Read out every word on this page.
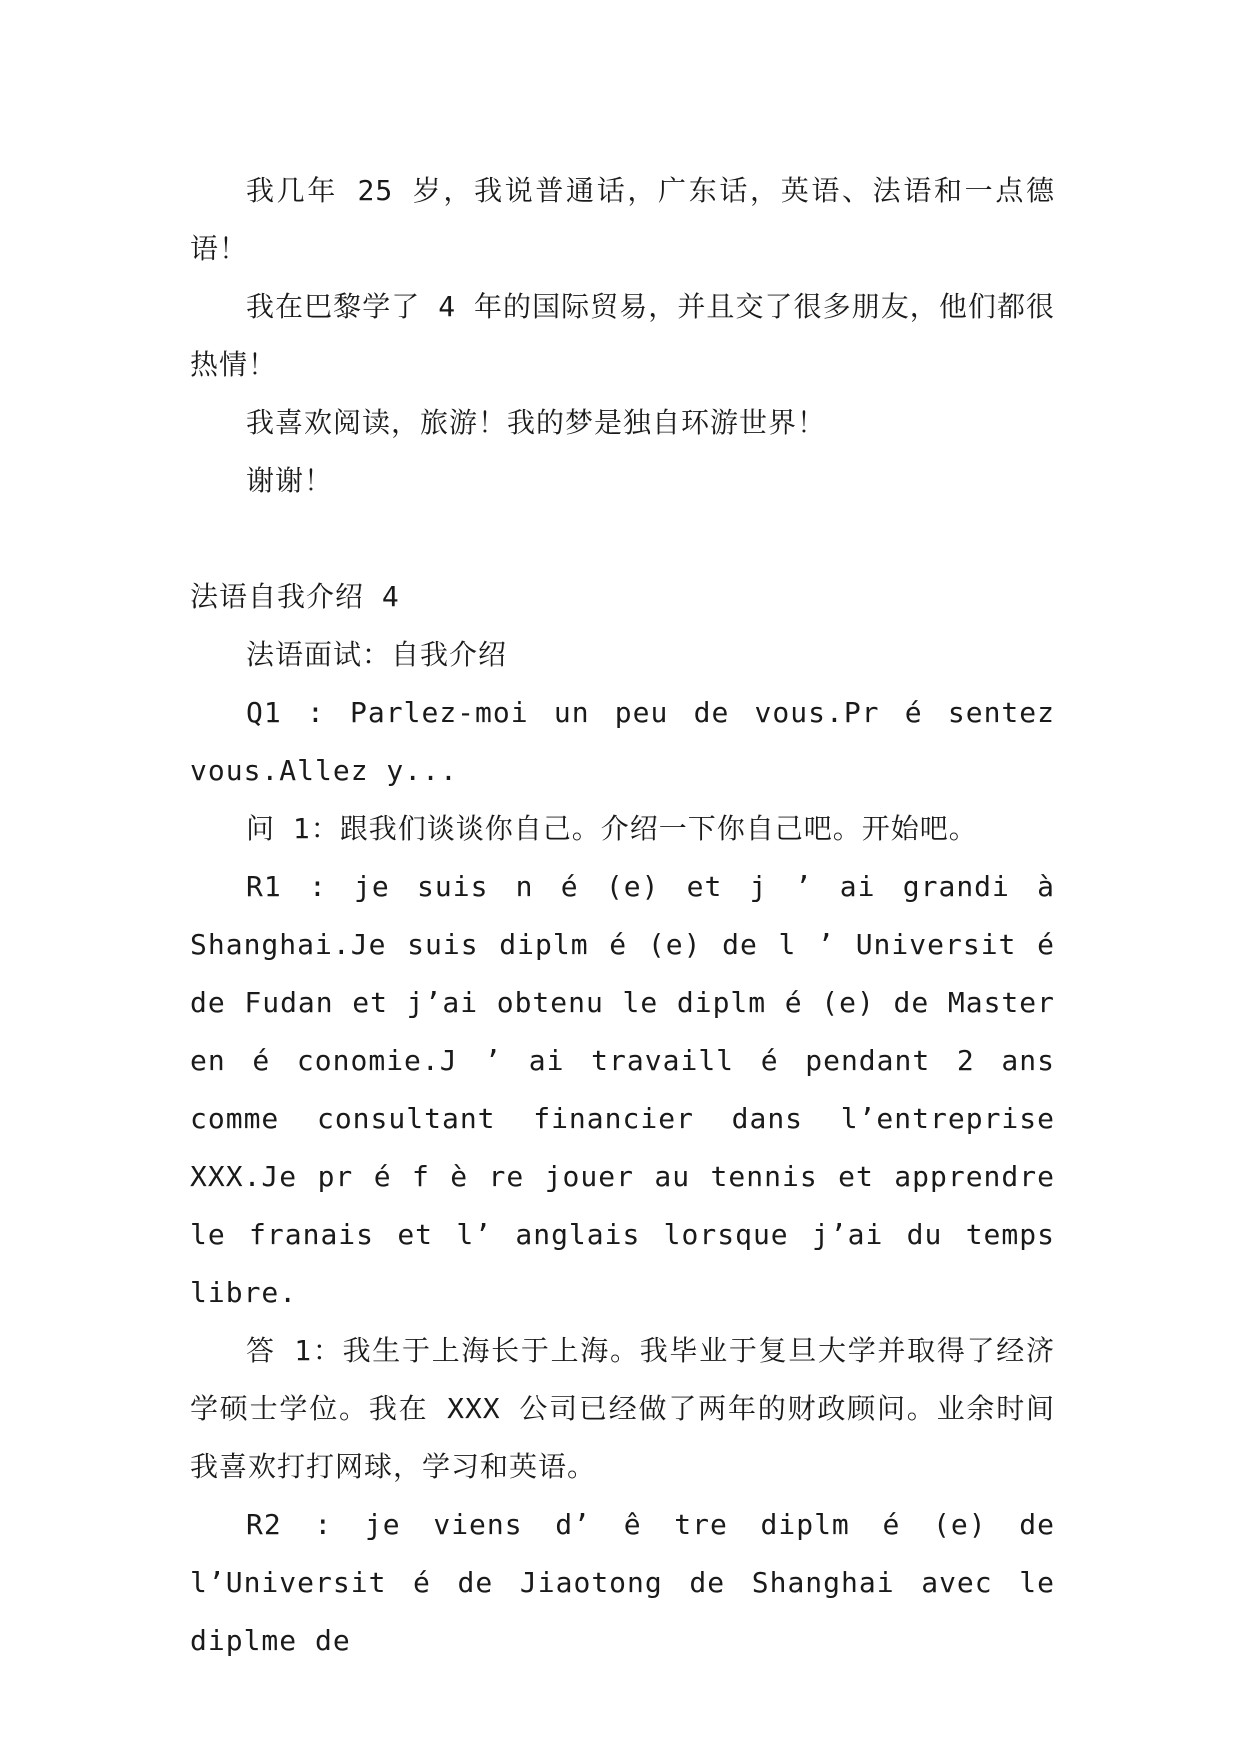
我几年 25 岁，我说普通话，广东话，英语、法语和一点德语！

我在巴黎学了 4 年的国际贸易，并且交了很多朋友，他们都很热情！

我喜欢阅读，旅游！我的梦是独自环游世界！

谢谢！

法语自我介绍 4

法语面试：自我介绍

Q1 : Parlez-moi un peu de vous.Pr é sentez vous.Allez y...

问 1：跟我们谈谈你自己。介绍一下你自己吧。开始吧。

R1 : je suis n é (e) et j ’ ai grandi à Shanghai.Je suis diplm é (e) de l ’ Universit é de Fudan et j’ai obtenu le diplm é (e) de Master en é conomie.J ’ ai travaill é pendant 2 ans comme consultant financier dans l’entreprise XXX.Je pr é f è re jouer au tennis et apprendre le franais et l’ anglais lorsque j’ai du temps libre.

答 1：我生于上海长于上海。我毕业于复旦大学并取得了经济学硕士学位。我在 XXX 公司已经做了两年的财政顾问。业余时间我喜欢打打网球，学习和英语。

R2 : je viens d’ ê tre diplm é (e) de l’Universit é de Jiaotong de Shanghai avec le diplme de
